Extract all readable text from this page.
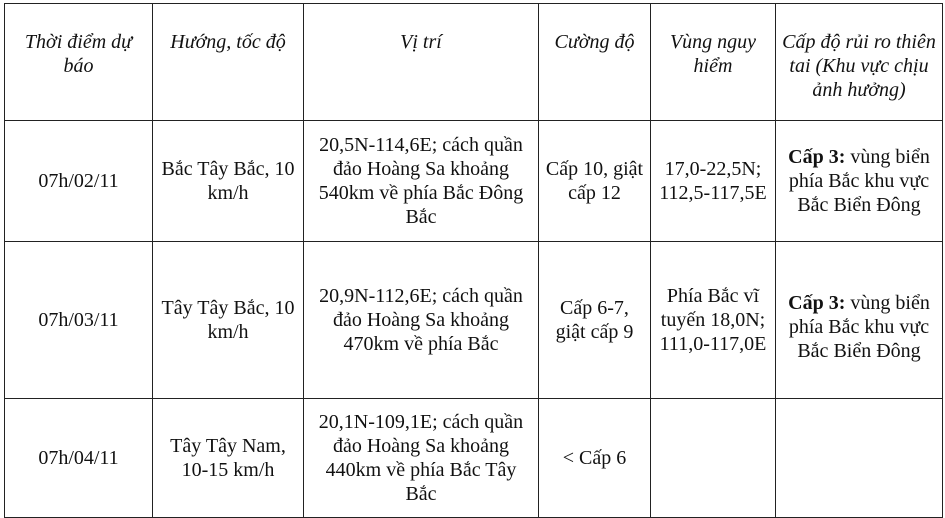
Thời điểm dự báo	Hướng, tốc độ	Vị trí	Cường độ	Vùng nguy hiểm	Cấp độ rủi ro thiên tai (Khu vực chịu ảnh hưởng)
07h/02/11	Bắc Tây Bắc, 10 km/h	20,5N-114,6E; cách quần đảo Hoàng Sa khoảng 540km về phía Bắc Đông Bắc	Cấp 10, giật cấp 12	17,0-22,5N; 112,5-117,5E	Cấp 3: vùng biển phía Bắc khu vực Bắc Biển Đông
07h/03/11	Tây Tây Bắc, 10 km/h	20,9N-112,6E; cách quần đảo Hoàng Sa khoảng 470km về phía Bắc	Cấp 6-7, giật cấp 9	Phía Bắc vĩ tuyến 18,0N; 111,0-117,0E	Cấp 3: vùng biển phía Bắc khu vực Bắc Biển Đông
07h/04/11	Tây Tây Nam, 10-15 km/h	20,1N-109,1E; cách quần đảo Hoàng Sa khoảng 440km về phía Bắc Tây Bắc	< Cấp 6		
